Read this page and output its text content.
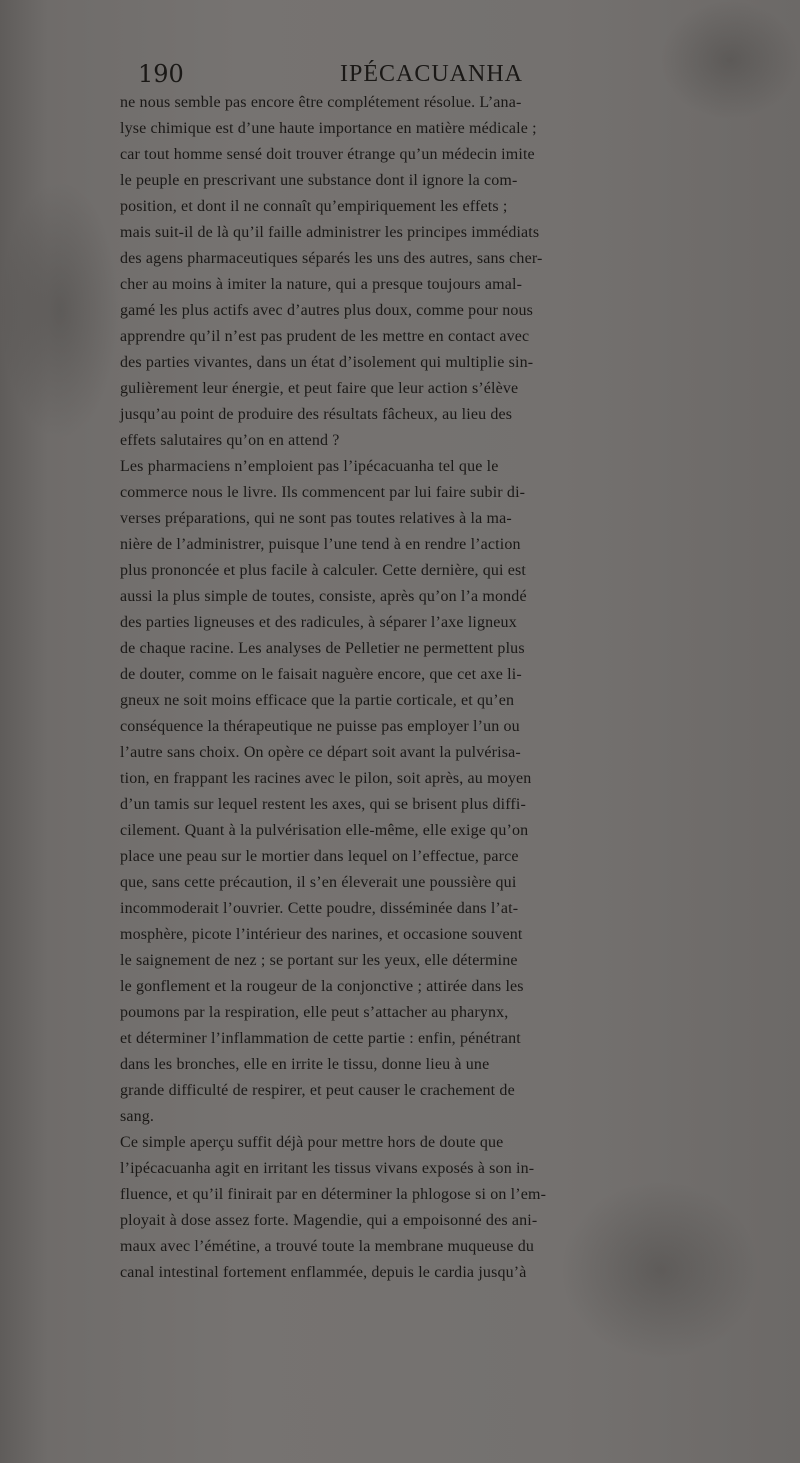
190	IPÉCACUANHA
ne nous semble pas encore être complétement résolue. L’ana-
lyse chimique est d’une haute importance en matière médicale ;
car tout homme sensé doit trouver étrange qu’un médecin imite
le peuple en prescrivant une substance dont il ignore la com-
position, et dont il ne connaît qu’empiriquement les effets ;
mais suit-il de là qu’il faille administrer les principes immédiats
des agens pharmaceutiques séparés les uns des autres, sans cher-
cher au moins à imiter la nature, qui a presque toujours amal-
gamé les plus actifs avec d’autres plus doux, comme pour nous
apprendre qu’il n’est pas prudent de les mettre en contact avec
des parties vivantes, dans un état d’isolement qui multiplie sin-
gulièrement leur énergie, et peut faire que leur action s’élève
jusqu’au point de produire des résultats fâcheux, au lieu des
effets salutaires qu’on en attend ?
Les pharmaciens n’emploient pas l’ipécacuanha tel que le
commerce nous le livre. Ils commencent par lui faire subir di-
verses préparations, qui ne sont pas toutes relatives à la ma-
nière de l’administrer, puisque l’une tend à en rendre l’action
plus prononcée et plus facile à calculer. Cette dernière, qui est
aussi la plus simple de toutes, consiste, après qu’on l’a mondé
des parties ligneuses et des radicules, à séparer l’axe ligneux
de chaque racine. Les analyses de Pelletier ne permettent plus
de douter, comme on le faisait naguère encore, que cet axe li-
gneux ne soit moins efficace que la partie corticale, et qu’en
conséquence la thérapeutique ne puisse pas employer l’un ou
l’autre sans choix. On opère ce départ soit avant la pulvérisa-
tion, en frappant les racines avec le pilon, soit après, au moyen
d’un tamis sur lequel restent les axes, qui se brisent plus diffi-
cilement. Quant à la pulvérisation elle-même, elle exige qu’on
place une peau sur le mortier dans lequel on l’effectue, parce
que, sans cette précaution, il s’en éleverait une poussière qui
incommoderait l’ouvrier. Cette poudre, disséminée dans l’at-
mosphère, picote l’intérieur des narines, et occasione souvent
le saignement de nez ; se portant sur les yeux, elle détermine
le gonflement et la rougeur de la conjonctive ; attirée dans les
poumons par la respiration, elle peut s’attacher au pharynx,
et déterminer l’inflammation de cette partie : enfin, pénétrant
dans les bronches, elle en irrite le tissu, donne lieu à une
grande difficulté de respirer, et peut causer le crachement de
sang.
Ce simple aperçu suffit déjà pour mettre hors de doute que
l’ipécacuanha agit en irritant les tissus vivans exposés à son in-
fluence, et qu’il finirait par en déterminer la phlogose si on l’em-
ployait à dose assez forte. Magendie, qui a empoisonné des ani-
maux avec l’émétine, a trouvé toute la membrane muqueuse du
canal intestinal fortement enflammée, depuis le cardia jusqu’à
